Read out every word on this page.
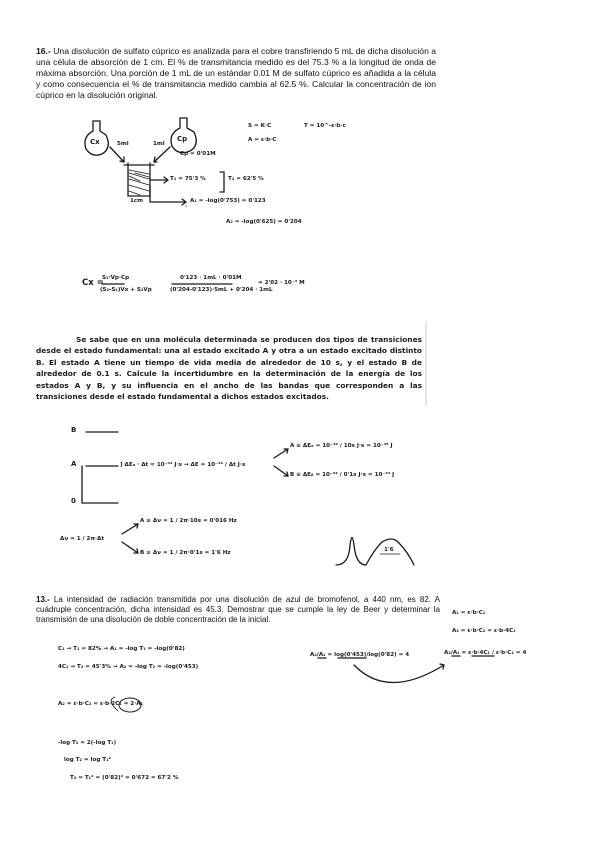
16.- Una disolución de sulfato cúprico es analizada para el cobre transfiriendo 5 mL de dicha disolución a una célula de absorción de 1 cm. El % de transmitancia medido es del 75.3 % a la longitud de onda de máxima absorción. Una porción de 1 mL de un estándar 0.01 M de sulfato cúprico es añadida a la célula y como consecuencia el % de transmitancia medido cambia al 62.5 %. Calcular la concentración de ion cúprico en la disolución original.
Cx	Cp
5ml	1ml
Cp = 0'01M
1cm
T₁ = 75'3 %	T₂ = 62'5 %
S = K·C
A = ε·b·C
T = 10^-ε·b·c
A₁ = -log(0'753) = 0'123
A₂ = -log(0'625) = 0'204
Cx =
S₁·Vp·Cp
(S₂-S₁)Vx + S₂Vp
0'123 · 1mL · 0'01M
(0'204-0'123)·5mL + 0'204 · 1mL
= 2'02 · 10⁻³ M
Se sabe que en una molécula determinada se producen dos tipos de transiciones desde el estado fundamental: una al estado excitado A y otra a un estado excitado distinto B. El estado A tiene un tiempo de vida media de alrededor de 10 s, y el estado B de alrededor de 0.1 s. Calcule la incertidumbre en la determinación de la energía de los estados A y B, y su influencia en el ancho de las bandas que corresponden a las transiciones desde el estado fundamental a dichos estados excitados.
B
A
0
] ΔEₐ · Δt ≈ 10⁻³⁴ J·s → ΔE = 10⁻³⁴ / Δt J·s
A ≡ ΔEₐ = 10⁻³⁴ / 10s J·s = 10⁻³⁵ J
B ≡ ΔEᵦ = 10⁻³⁴ / 0'1s J·s = 10⁻³³ J
Δν = 1 / 2π·Δt
A ≡ Δν = 1 / 2π·10s = 0'016 Hz
B ≡ Δν = 1 / 2π·0'1s = 1'6 Hz	1'6
13.- La intensidad de radiación transmitida por una disolución de azul de bromofenol, a 440 nm, es 82. A cuádruple concentración, dicha intensidad es 45.3. Demostrar que se cumple la ley de Beer y determinar la transmisión de una disolución de doble concentración de la inicial.
A₁ = ε·b·C₁
A₂ = ε·b·C₂ = ε·b·4C₁
C₁ → T₁ = 82% → A₁ = -log T₁ = -log(0'82)
4C₁ → T₂ = 45'3% → A₂ = -log T₂ = -log(0'453)
A₂/A₁ = log(0'453)/log(0'82) = 4	A₂/A₁ = ε·b·4C₁ / ε·b·C₁ = 4
A₂ = ε·b·C₂ = ε·b·2C₁ = 2·A₁
-log T₂ = 2(-log T₁)
log T₂ = log T₁²
T₂ = T₁² = (0'82)² = 0'672 = 67'2 %
